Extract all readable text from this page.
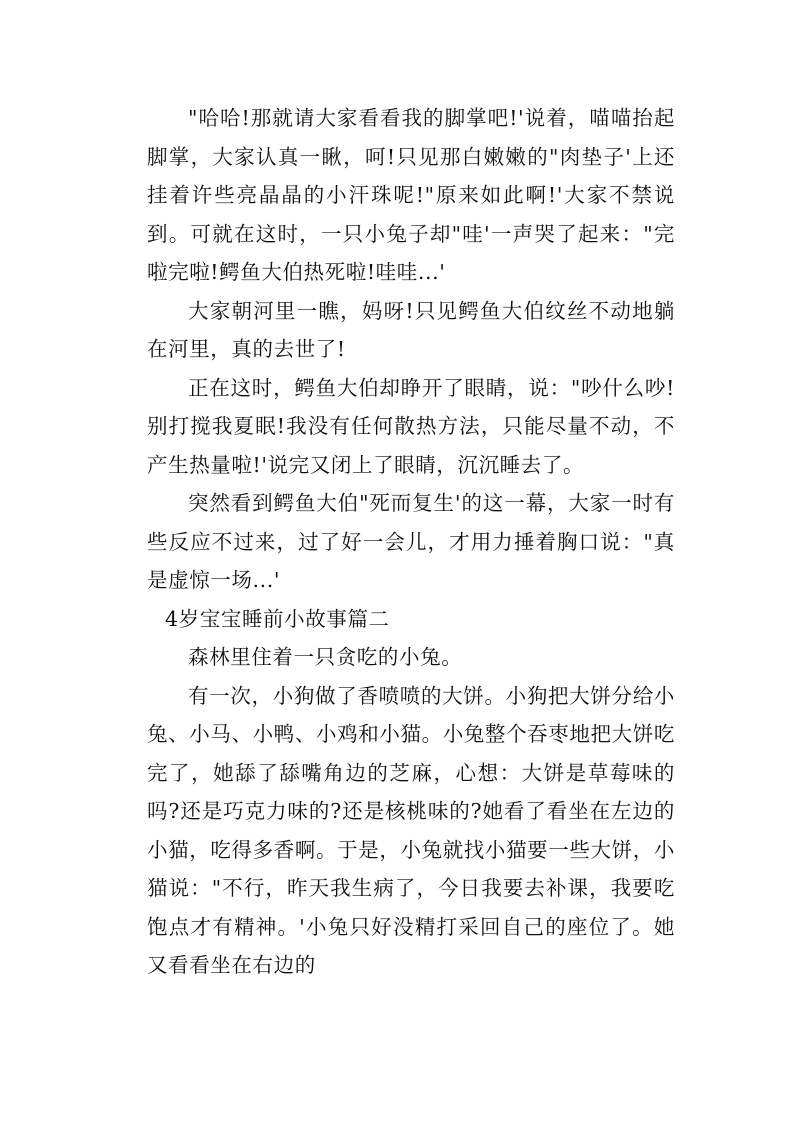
"哈哈!那就请大家看看我的脚掌吧!'说着，喵喵抬起脚掌，大家认真一瞅，呵!只见那白嫩嫩的"肉垫子'上还挂着许些亮晶晶的小汗珠呢!"原来如此啊!'大家不禁说到。可就在这时，一只小兔子却"哇'一声哭了起来："完啦完啦!鳄鱼大伯热死啦!哇哇...'

大家朝河里一瞧，妈呀!只见鳄鱼大伯纹丝不动地躺在河里，真的去世了!

正在这时，鳄鱼大伯却睁开了眼睛，说："吵什么吵!别打搅我夏眠!我没有任何散热方法，只能尽量不动，不产生热量啦!'说完又闭上了眼睛，沉沉睡去了。

突然看到鳄鱼大伯"死而复生'的这一幕，大家一时有些反应不过来，过了好一会儿，才用力捶着胸口说："真是虚惊一场...'

4岁宝宝睡前小故事篇二

森林里住着一只贪吃的小兔。

有一次，小狗做了香喷喷的大饼。小狗把大饼分给小兔、小马、小鸭、小鸡和小猫。小兔整个吞枣地把大饼吃完了，她舔了舔嘴角边的芝麻，心想：大饼是草莓味的吗?还是巧克力味的?还是核桃味的?她看了看坐在左边的小猫，吃得多香啊。于是，小兔就找小猫要一些大饼，小猫说："不行，昨天我生病了，今日我要去补课，我要吃饱点才有精神。'小兔只好没精打采回自己的座位了。她又看看坐在右边的
